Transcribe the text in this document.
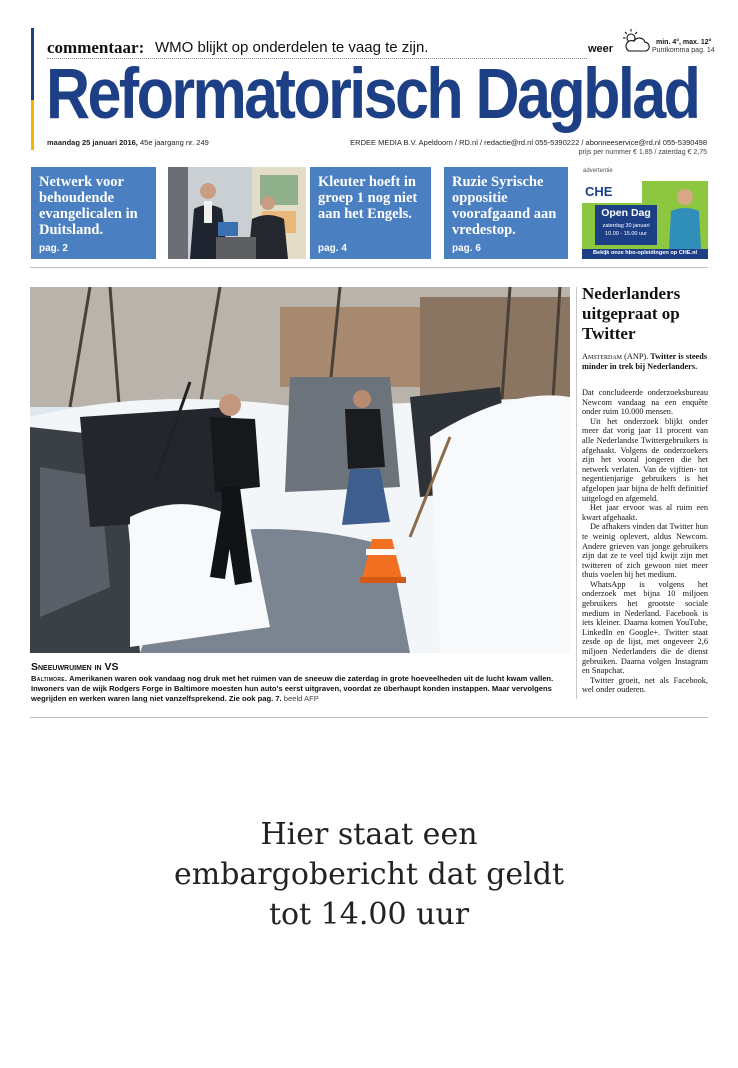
commentaar: WMO blijkt op onderdelen te vaag te zijn.	weer
min. 4°, max. 12°
Puntkomma pag. 14
Reformatorisch Dagblad
maandag 25 januari 2016, 45e jaargang nr. 249	ERDEE MEDIA B.V. Apeldoorn / RD.nl / redactie@rd.nl 055-5390222 / abonneeservice@rd.nl 055-5390498
prijs per nummer € 1,85 / zaterdag € 2,75
Netwerk voor behoudende evangelicalen in Duitsland.
pag. 2
Kleuter hoeft in groep 1 nog niet aan het Engels.
pag. 4
Ruzie Syrische oppositie voorafgaand aan vredestop.
pag. 6
advertentie
CHE
Open Dag
zaterdag 30 januari
10.00 - 15.00 uur
Bekijk onze hbo-opleidingen op CHE.nl
Sneeuwruimen in VS
Baltimore. Amerikanen waren ook vandaag nog druk met het ruimen van de sneeuw die zaterdag in grote hoeveelheden uit de lucht kwam vallen. Inwoners van de wijk Rodgers Forge in Baltimore moesten hun auto's eerst uitgraven, voordat ze überhaupt konden instappen. Maar vervolgens wegrijden en werken waren lang niet vanzelfsprekend. Zie ook pag. 7. beeld AFP
Nederlanders uitgepraat op Twitter
Amsterdam (ANP). Twitter is steeds minder in trek bij Nederlanders.

Dat concludeerde onderzoeksbureau Newcom vandaag na een enquête onder ruim 10.000 mensen.

Uit het onderzoek blijkt onder meer dat vorig jaar 11 procent van alle Nederlandse Twittergebruikers is afgehaakt. Volgens de onderzoekers zijn het vooral jongeren die het netwerk verlaten. Van de vijftien- tot negentienjarige gebruikers is het afgelopen jaar bijna de helft definitief uitgelogd en afgemeld.

Het jaar ervoor was al ruim een kwart afgehaakt.

De afhakers vinden dat Twitter hun te weinig oplevert, aldus Newcom. Andere grieven van jonge gebruikers zijn dat ze te veel tijd kwijt zijn met twitteren of zich gewoon niet meer thuis voelen bij het medium.

WhatsApp is volgens het onderzoek met bijna 10 miljoen gebruikers het grootste sociale medium in Nederland. Facebook is iets kleiner. Daarna komen YouTube, LinkedIn en Google+. Twitter staat zesde op de lijst, met ongeveer 2,6 miljoen Nederlanders die de dienst gebruiken. Daarna volgen Instagram en Snapchat.

Twitter groeit, net als Facebook, wel onder ouderen.

Hier staat een
embargobericht dat geldt
tot 14.00 uur
